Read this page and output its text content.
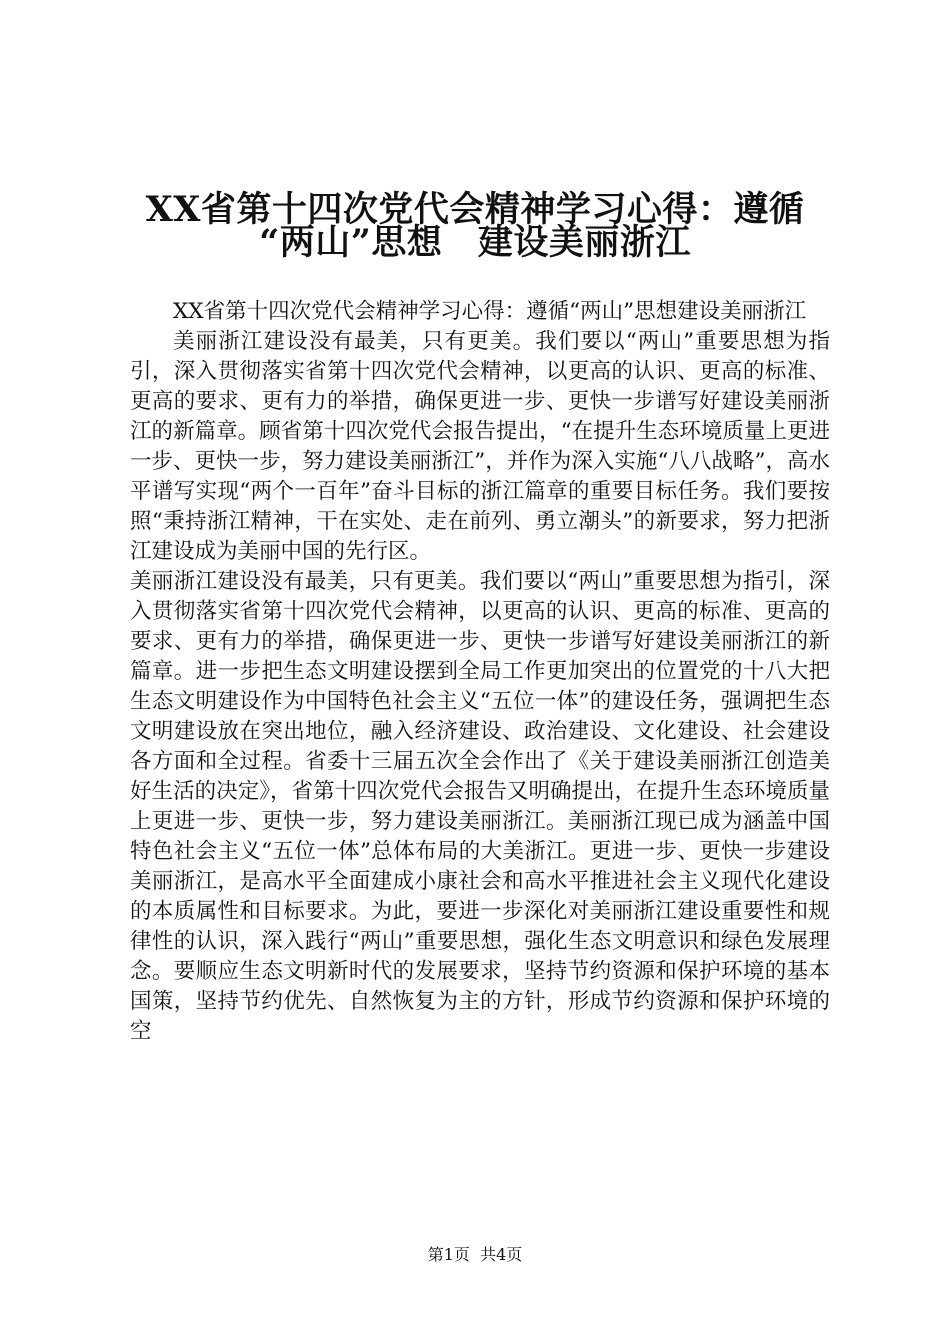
XX省第十四次党代会精神学习心得：遵循
“两山”思想　建设美丽浙江

XX省第十四次党代会精神学习心得：遵循“两山”思想建设美丽浙江

美丽浙江建设没有最美，只有更美。我们要以“两山”重要思想为指引，深入贯彻落实省第十四次党代会精神，以更高的认识、更高的标准、更高的要求、更有力的举措，确保更进一步、更快一步谱写好建设美丽浙江的新篇章。顾省第十四次党代会报告提出，“在提升生态环境质量上更进一步、更快一步，努力建设美丽浙江”，并作为深入实施“八八战略”，高水平谱写实现“两个一百年”奋斗目标的浙江篇章的重要目标任务。我们要按照“秉持浙江精神，干在实处、走在前列、勇立潮头”的新要求，努力把浙江建设成为美丽中国的先行区。

美丽浙江建设没有最美，只有更美。我们要以“两山”重要思想为指引，深入贯彻落实省第十四次党代会精神，以更高的认识、更高的标准、更高的要求、更有力的举措，确保更进一步、更快一步谱写好建设美丽浙江的新篇章。进一步把生态文明建设摆到全局工作更加突出的位置党的十八大把生态文明建设作为中国特色社会主义“五位一体”的建设任务，强调把生态文明建设放在突出地位，融入经济建设、政治建设、文化建设、社会建设各方面和全过程。省委十三届五次全会作出了《关于建设美丽浙江创造美好生活的决定》，省第十四次党代会报告又明确提出，在提升生态环境质量上更进一步、更快一步，努力建设美丽浙江。美丽浙江现已成为涵盖中国特色社会主义“五位一体”总体布局的大美浙江。更进一步、更快一步建设美丽浙江，是高水平全面建成小康社会和高水平推进社会主义现代化建设的本质属性和目标要求。为此，要进一步深化对美丽浙江建设重要性和规律性的认识，深入践行“两山”重要思想，强化生态文明意识和绿色发展理念。要顺应生态文明新时代的发展要求，坚持节约资源和保护环境的基本国策，坚持节约优先、自然恢复为主的方针，形成节约资源和保护环境的空

第1页  共4页
